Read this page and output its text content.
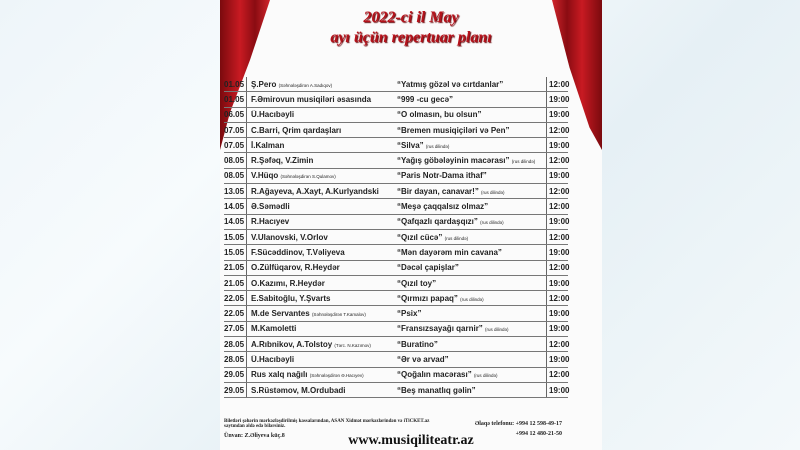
2022-ci il May
ayı üçün repertuar planı
01.05 Ş.Pero (Səhnələşdirən A.Sadıqov)	“Yatmış gözəl və cırtdanlar”	12:00
01.05 F.Əmirovun musiqiləri əsasında	“999 -cu gecə”	19:00
06.05 Ü.Hacıbəyli	“O olmasın, bu olsun”	19:00
07.05 C.Barri, Qrim qardaşları	“Bremen musiqiçiləri və Pen”	12:00
07.05 İ.Kalman	“Silva” (rus dilində)	19:00
08.05 R.Şəfəq, V.Zimin	“Yağış göbələyinin macərası” (rus dilində)	12:00
08.05 V.Hüqo (Səhnələşdirən S.Qulamov)	“Paris Notr-Dama ithaf”	19:00
13.05 R.Ağayeva, A.Xayt, A.Kurlyandski	“Bir dayan, canavar!” (rus dilində)	12:00
14.05 Ə.Səmədli	“Meşə çaqqalsız olmaz”	12:00
14.05 R.Hacıyev	“Qafqazlı qardaşqızı” (rus dilində)	19:00
15.05 V.Ulanovski, V.Orlov	“Qızıl cücə” (rus dilində)	12:00
15.05 F.Sücəddinov, T.Vəliyeva	“Mən dayərəm min cavana”	19:00
21.05 O.Zülfüqarov, R.Heydər	“Dəcəl çapişlar”	12:00
21.05 O.Kazımı, R.Heydər	“Qızıl toy”	19:00
22.05 E.Sabitoğlu, Y.Şvarts	“Qırmızı papaq” (rus dilində)	12:00
22.05 M.de Servantes (Səhnələşdirən T.Kamalov)	“Psix”	19:00
27.05 M.Kamoletti	“Fransızsayağı qarnir” (rus dilində)	19:00
28.05 A.Rıbnikov, A.Tolstoy (Tərc. N.Kazımov)	“Buratino”	12:00
28.05 Ü.Hacıbəyli	“Ər və arvad”	19:00
29.05 Rus xalq nağılı (Səhnələşdirən Ə.Hacıyev)	“Qoğalın macərası” (rus dilində)	12:00
29.05 S.Rüstəmov, M.Ordubadi	“Beş manatlıq gəlin”	19:00
Biletləri şəhərin mərkəzləşdirilmiş kassalarından, ASAN Xidmət mərkəzlərindən və iTiCKET.az saytından əldə edə bilərsiniz.
Ünvan: Z.Əliyeva küç.8
Əlaqə telefonu: +994 12 598-49-17
+994 12 480-21-50
www.musiqiliteatr.az
